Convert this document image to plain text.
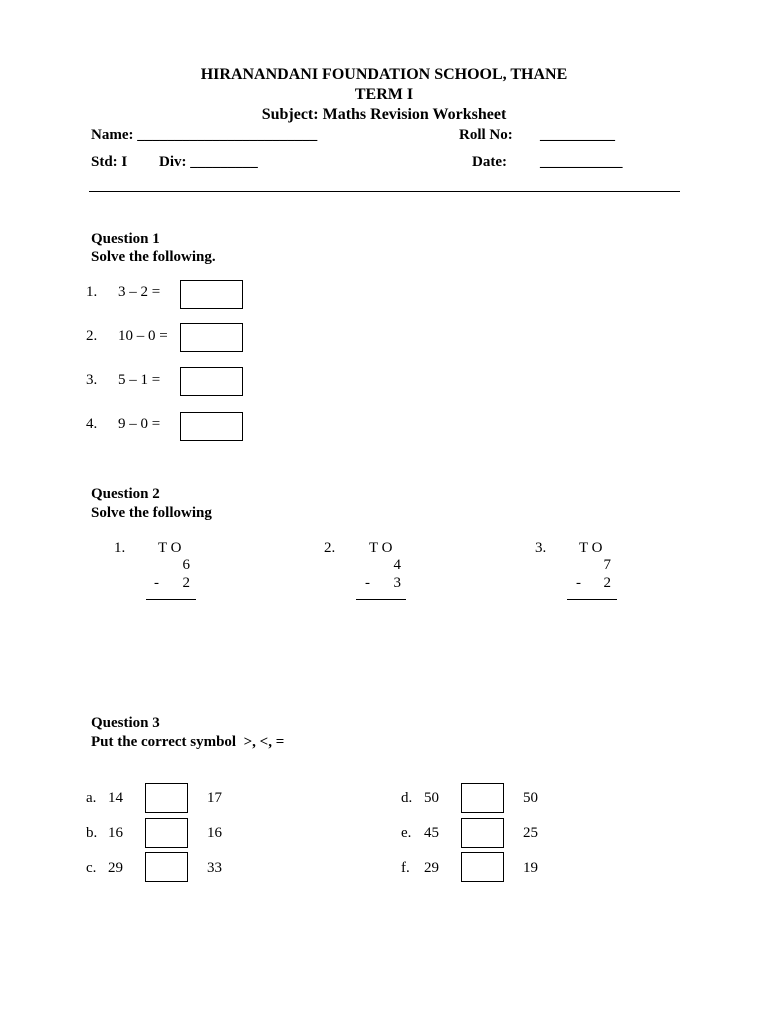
HIRANANDANI FOUNDATION SCHOOL, THANE
TERM I
Subject: Maths Revision Worksheet
Name: ________________________	Roll No: __________
Std: I Div: _________	Date: ___________
Question 1
Solve the following.
1. 3 – 2 =
2. 10 – 0 =
3. 5 – 1 =
4. 9 – 0 =
Question 2
Solve the following
1. T O
6
-	2
2. T O
4
-	3
3. T O
7
-	2
Question 3
Put the correct symbol  >, <, =
a. 14	17
b. 16	16
c. 29	33
d. 50	50
e. 45	25
f. 29	19
